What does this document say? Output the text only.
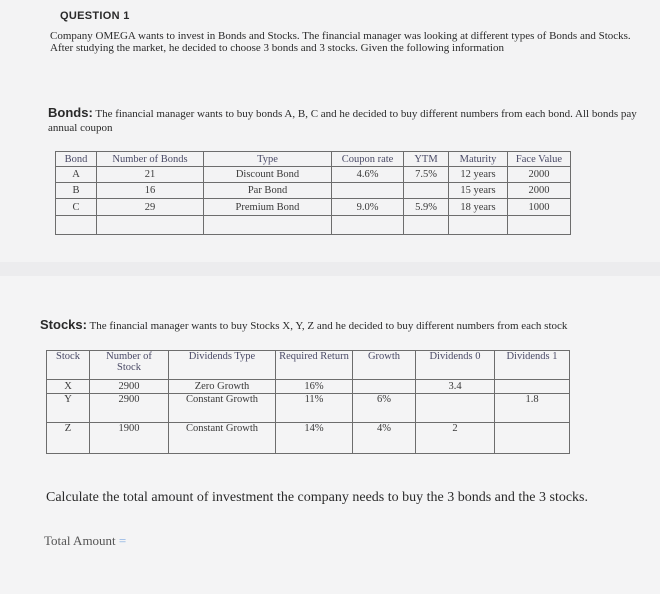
QUESTION 1
Company OMEGA wants to invest in Bonds and Stocks. The financial manager was looking at different types of Bonds and Stocks. After studying the market, he decided to choose 3 bonds and 3 stocks. Given the following information
Bonds: The financial manager wants to buy bonds A, B, C and he decided to buy different numbers from each bond. All bonds pay annual coupon
Bond	Number of Bonds	Type	Coupon rate	YTM	Maturity	Face Value
A	21	Discount Bond	4.6%	7.5%	12 years	2000
B	16	Par Bond			15 years	2000
C	29	Premium Bond	9.0%	5.9%	18 years	1000

Stocks: The financial manager wants to buy Stocks X, Y, Z and he decided to buy different numbers from each stock
Stock	Number of Stock	Dividends Type	Required Return	Growth	Dividends 0	Dividends 1
X	2900	Zero Growth	16%		3.4	
Y	2900	Constant Growth	11%	6%		1.8
Z	1900	Constant Growth	14%	4%	2	
Calculate the total amount of investment the company needs to buy the 3 bonds and the 3 stocks.
Total Amount =
